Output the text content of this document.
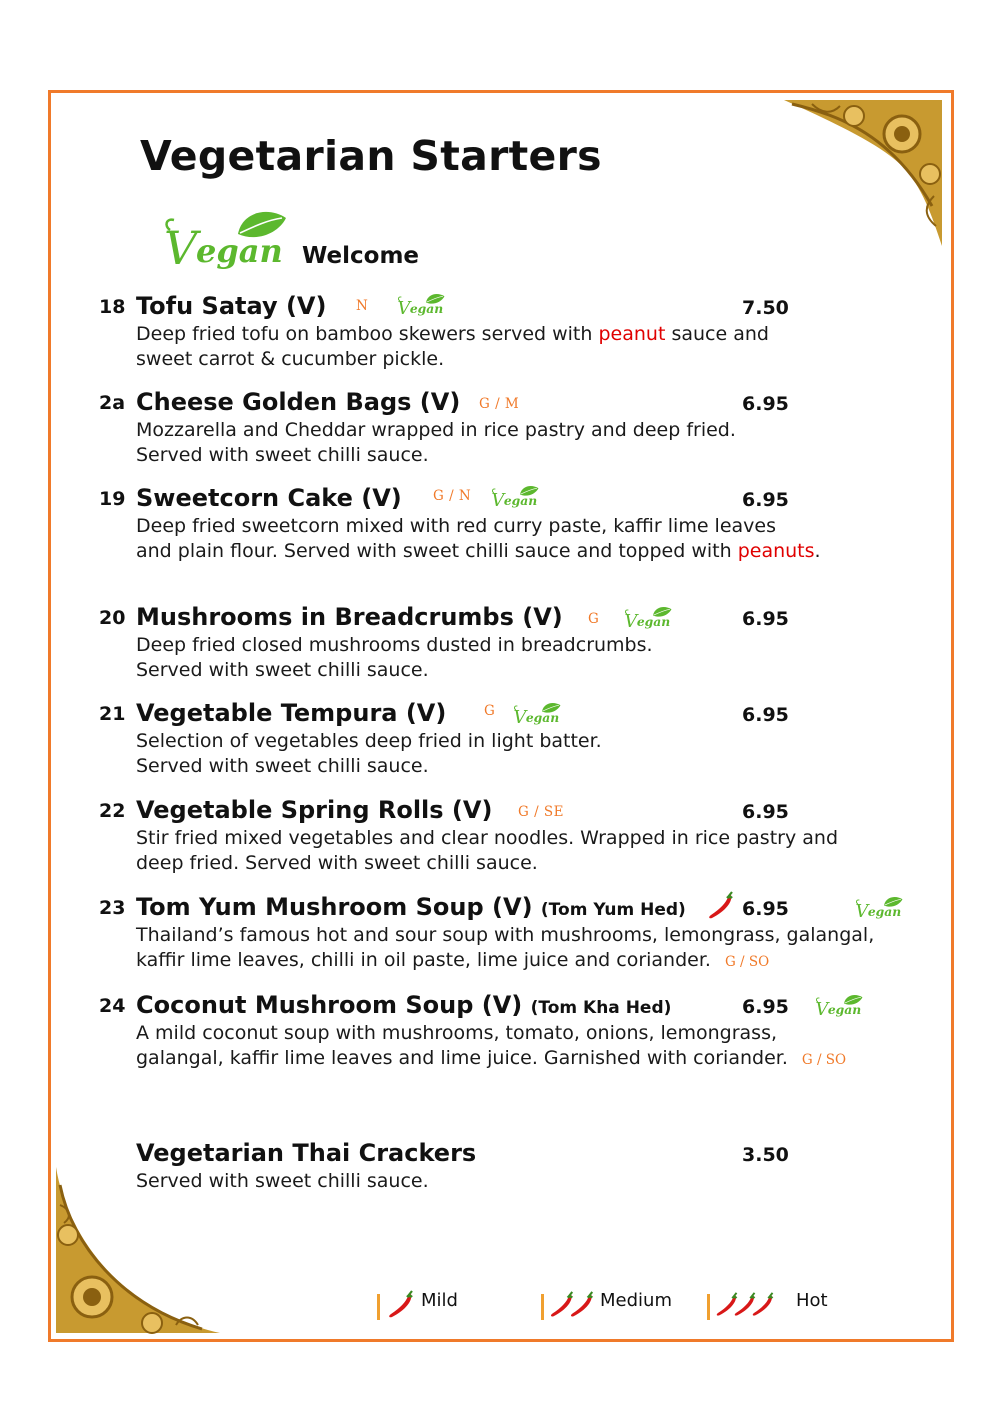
Vegetarian Starters
Welcome
18 Tofu Satay (V) N	7.50
Deep fried tofu on bamboo skewers served with peanut sauce and
sweet carrot & cucumber pickle.
2a Cheese Golden Bags (V) G / M	6.95
Mozzarella and Cheddar wrapped in rice pastry and deep fried.
Served with sweet chilli sauce.
19 Sweetcorn Cake (V) G / N	6.95
Deep fried sweetcorn mixed with red curry paste, kaffir lime leaves
and plain flour. Served with sweet chilli sauce and topped with peanuts.
20 Mushrooms in Breadcrumbs (V) G	6.95
Deep fried closed mushrooms dusted in breadcrumbs.
Served with sweet chilli sauce.
21 Vegetable Tempura (V)	G	6.95
Selection of vegetables deep fried in light batter.
Served with sweet chilli sauce.
22 Vegetable Spring Rolls (V) G / SE	6.95
Stir fried mixed vegetables and clear noodles. Wrapped in rice pastry and
deep fried. Served with sweet chilli sauce.
23 Tom Yum Mushroom Soup (V) (Tom Yum Hed)	6.95
Thailand’s famous hot and sour soup with mushrooms, lemongrass, galangal,
kaffir lime leaves, chilli in oil paste, lime juice and coriander. G / SO
24 Coconut Mushroom Soup (V) (Tom Kha Hed)	6.95
A mild coconut soup with mushrooms, tomato, onions, lemongrass,
galangal, kaffir lime leaves and lime juice. Garnished with coriander. G / SO
Vegetarian Thai Crackers	3.50
Served with sweet chilli sauce.
Mild	Medium	Hot
